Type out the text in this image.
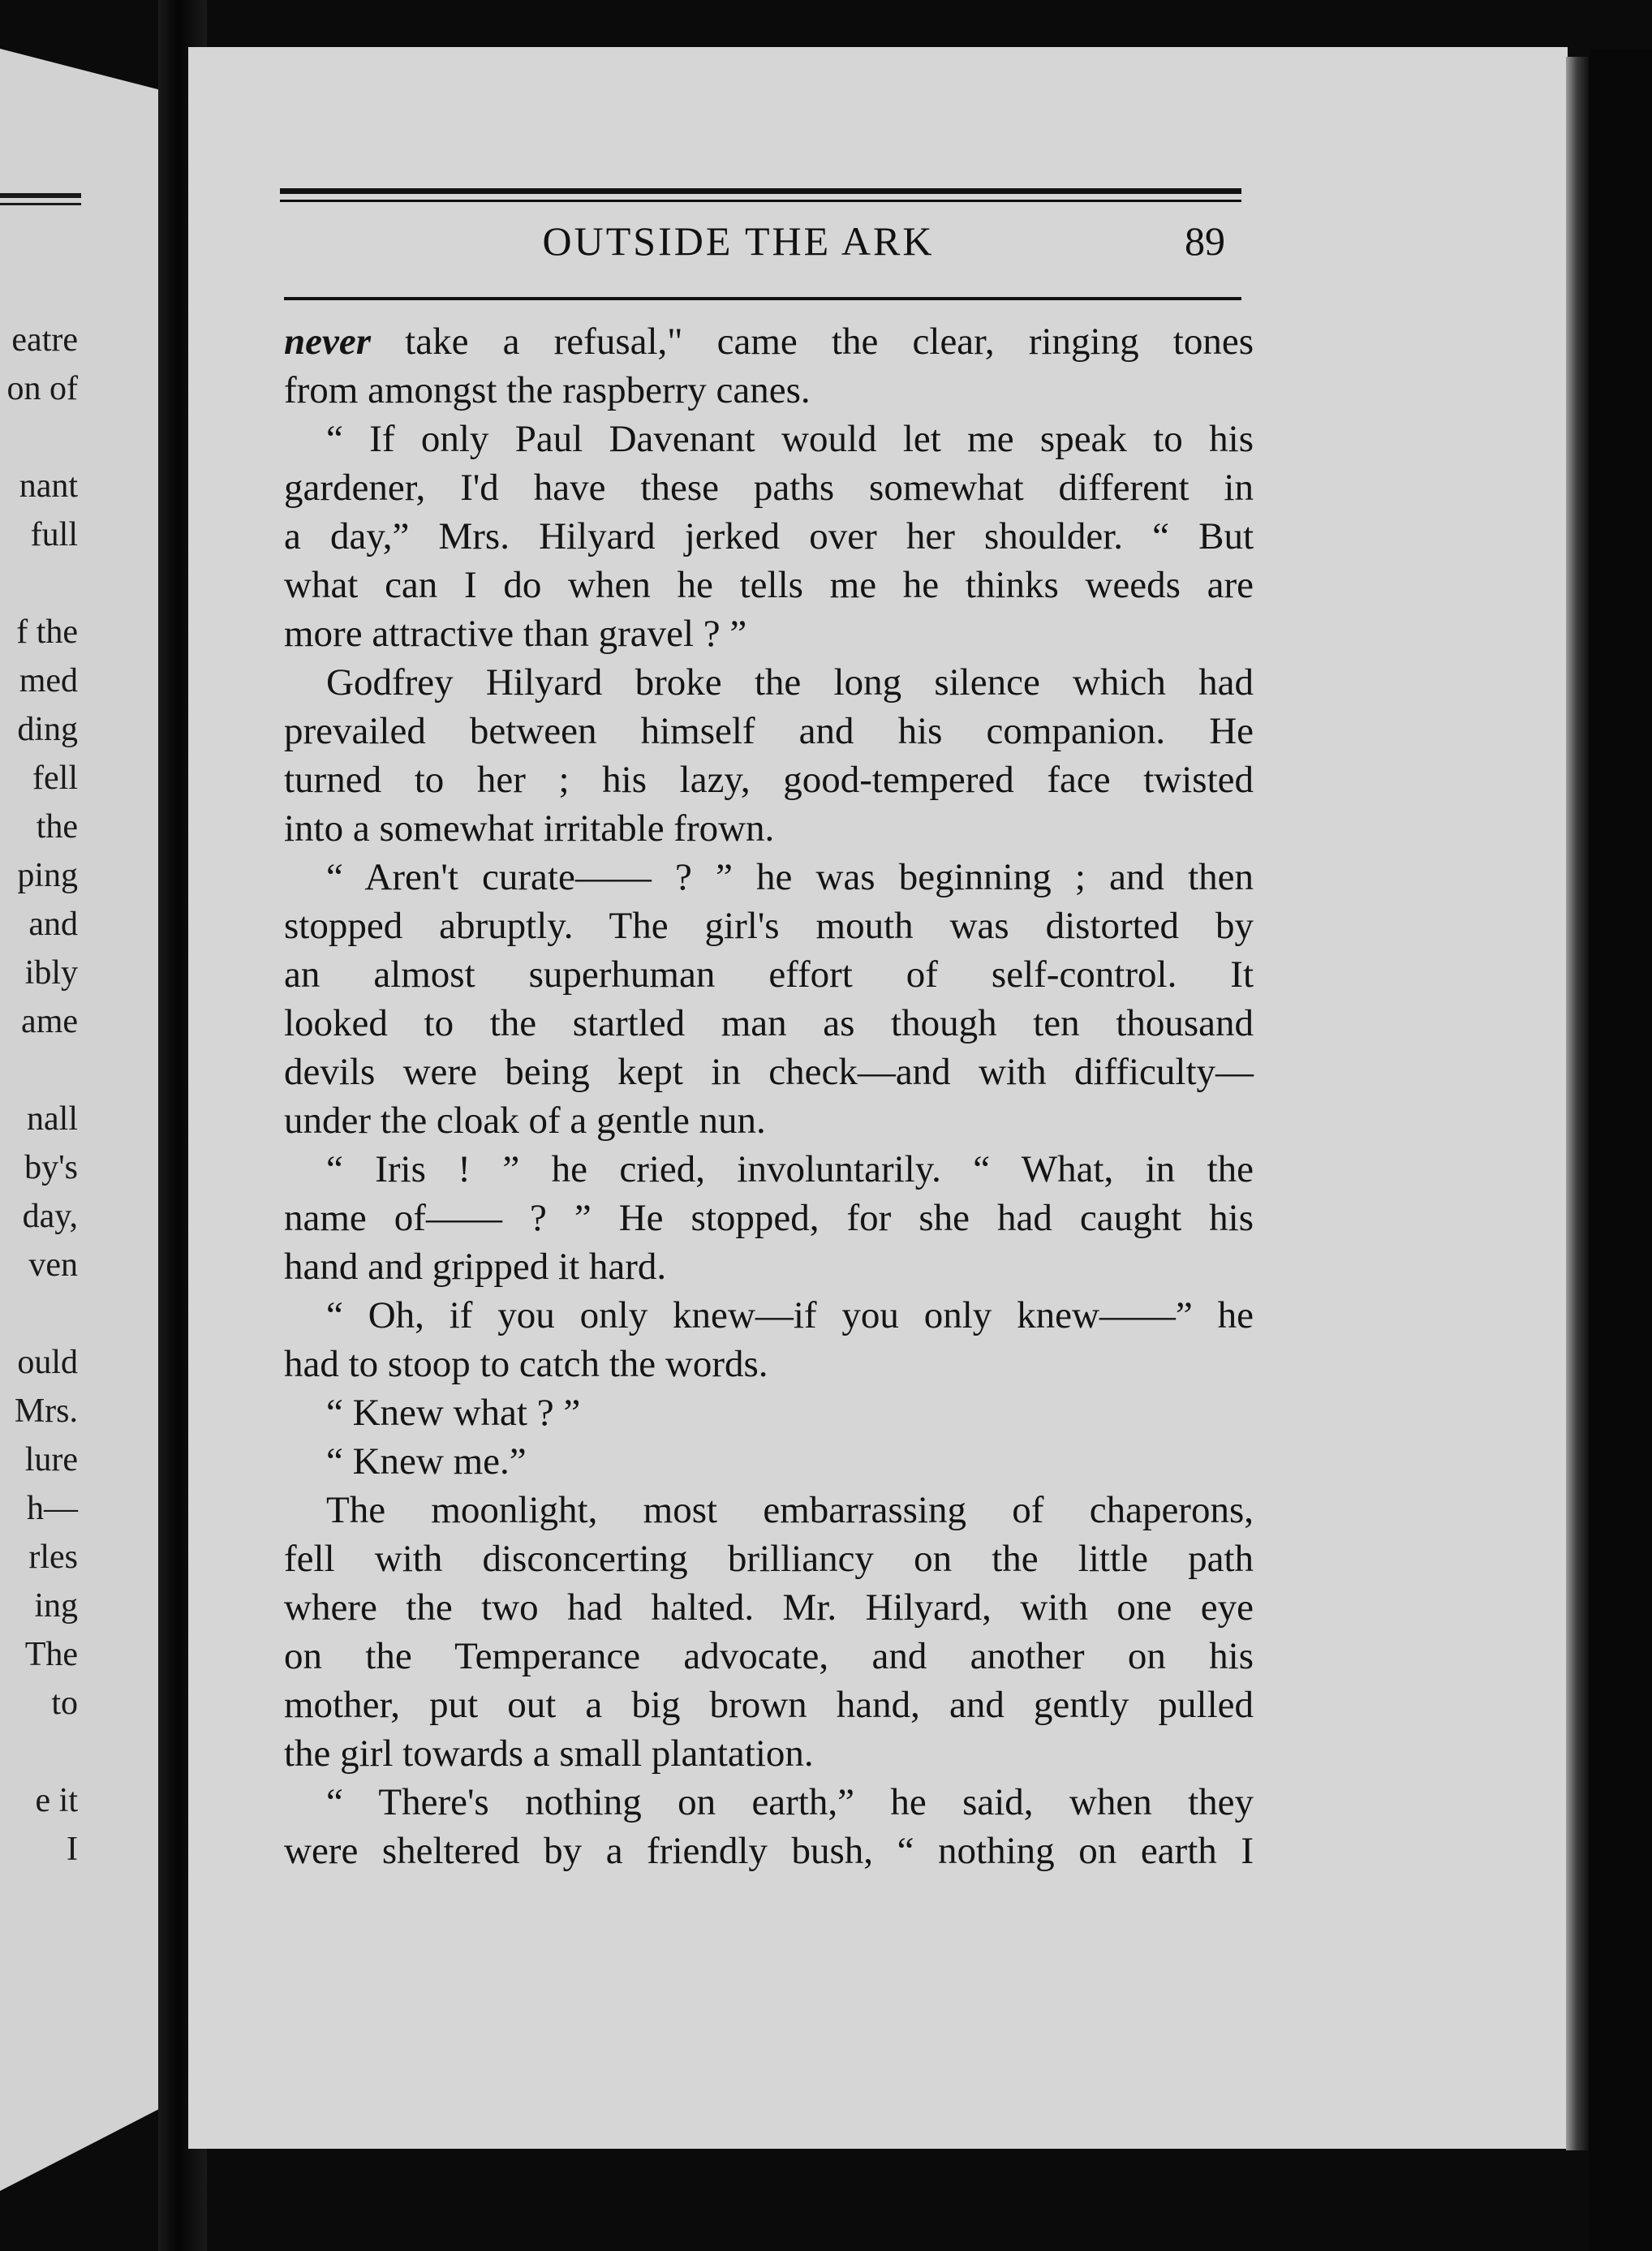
eatre
on of
nant
full
f the
med
ding
fell
the
ping
and
ibly
ame
nall
by's
day,
ven
ould
Mrs.
lure
h—
rles
ing
The
to
e it
I
OUTSIDE THE ARK	89
never take a refusal," came the clear, ringing tones
from amongst the raspberry canes.
“ If only Paul Davenant would let me speak to his
gardener, I'd have these paths somewhat different in
a day,” Mrs. Hilyard jerked over her shoulder. “ But
what can I do when he tells me he thinks weeds are
more attractive than gravel ? ”
Godfrey Hilyard broke the long silence which had
prevailed between himself and his companion. He
turned to her ; his lazy, good-tempered face twisted
into a somewhat irritable frown.
“ Aren't curate—— ? ” he was beginning ; and then
stopped abruptly. The girl's mouth was distorted by
an almost superhuman effort of self-control. It
looked to the startled man as though ten thousand
devils were being kept in check—and with difficulty—
under the cloak of a gentle nun.
“ Iris ! ” he cried, involuntarily. “ What, in the
name of—— ? ” He stopped, for she had caught his
hand and gripped it hard.
“ Oh, if you only knew—if you only knew——” he
had to stoop to catch the words.
“ Knew what ? ”
“ Knew me.”
The moonlight, most embarrassing of chaperons,
fell with disconcerting brilliancy on the little path
where the two had halted. Mr. Hilyard, with one eye
on the Temperance advocate, and another on his
mother, put out a big brown hand, and gently pulled
the girl towards a small plantation.
“ There's nothing on earth,” he said, when they
were sheltered by a friendly bush, “ nothing on earth I
